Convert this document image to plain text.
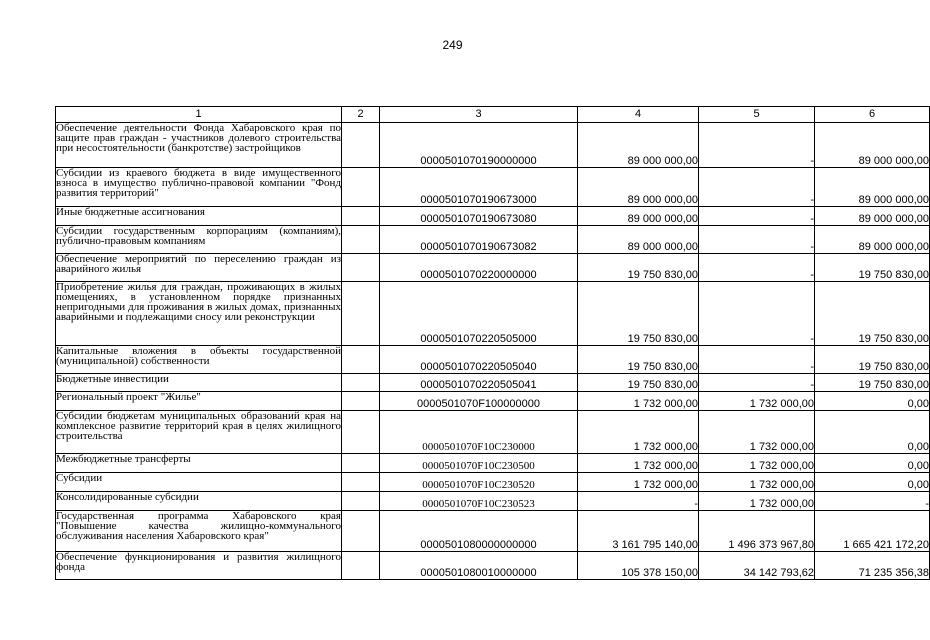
249
1	2	3	4	5	6
Обеспечение деятельности Фонда Хабаровского края по защите прав граждан - участников долевого строительства при несостоятельности (банкротстве) застройщиков		0000501070190000000	89 000 000,00	-	89 000 000,00
Субсидии из краевого бюджета в виде имущественного взноса в имущество публично-правовой компании "Фонд развития территорий"		0000501070190673000	89 000 000,00	-	89 000 000,00
Иные бюджетные ассигнования		0000501070190673080	89 000 000,00	-	89 000 000,00
Субсидии государственным корпорациям (компаниям), публично-правовым компаниям		0000501070190673082	89 000 000,00	-	89 000 000,00
Обеспечение мероприятий по переселению граждан из аварийного жилья		0000501070220000000	19 750 830,00	-	19 750 830,00
Приобретение жилья для граждан, проживающих в жилых помещениях, в установленном порядке признанных непригодными для проживания в жилых домах, признанных аварийными и подлежащими сносу или реконструкции		0000501070220505000	19 750 830,00	-	19 750 830,00
Капитальные вложения в объекты государственной (муниципальной) собственности		0000501070220505040	19 750 830,00	-	19 750 830,00
Бюджетные инвестиции		0000501070220505041	19 750 830,00	-	19 750 830,00
Региональный проект "Жилье"		0000501070F100000000	1 732 000,00	1 732 000,00	0,00
Субсидии бюджетам муниципальных образований края на комплексное развитие территорий края в целях жилищного строительства		0000501070F10C230000	1 732 000,00	1 732 000,00	0,00
Межбюджетные трансферты		0000501070F10C230500	1 732 000,00	1 732 000,00	0,00
Субсидии		0000501070F10C230520	1 732 000,00	1 732 000,00	0,00
Консолидированные субсидии		0000501070F10C230523	-	1 732 000,00	-
Государственная программа Хабаровского края "Повышение качества жилищно-коммунального обслуживания населения Хабаровского края"		0000501080000000000	3 161 795 140,00	1 496 373 967,80	1 665 421 172,20
Обеспечение функционирования и развития жилищного фонда		0000501080010000000	105 378 150,00	34 142 793,62	71 235 356,38
